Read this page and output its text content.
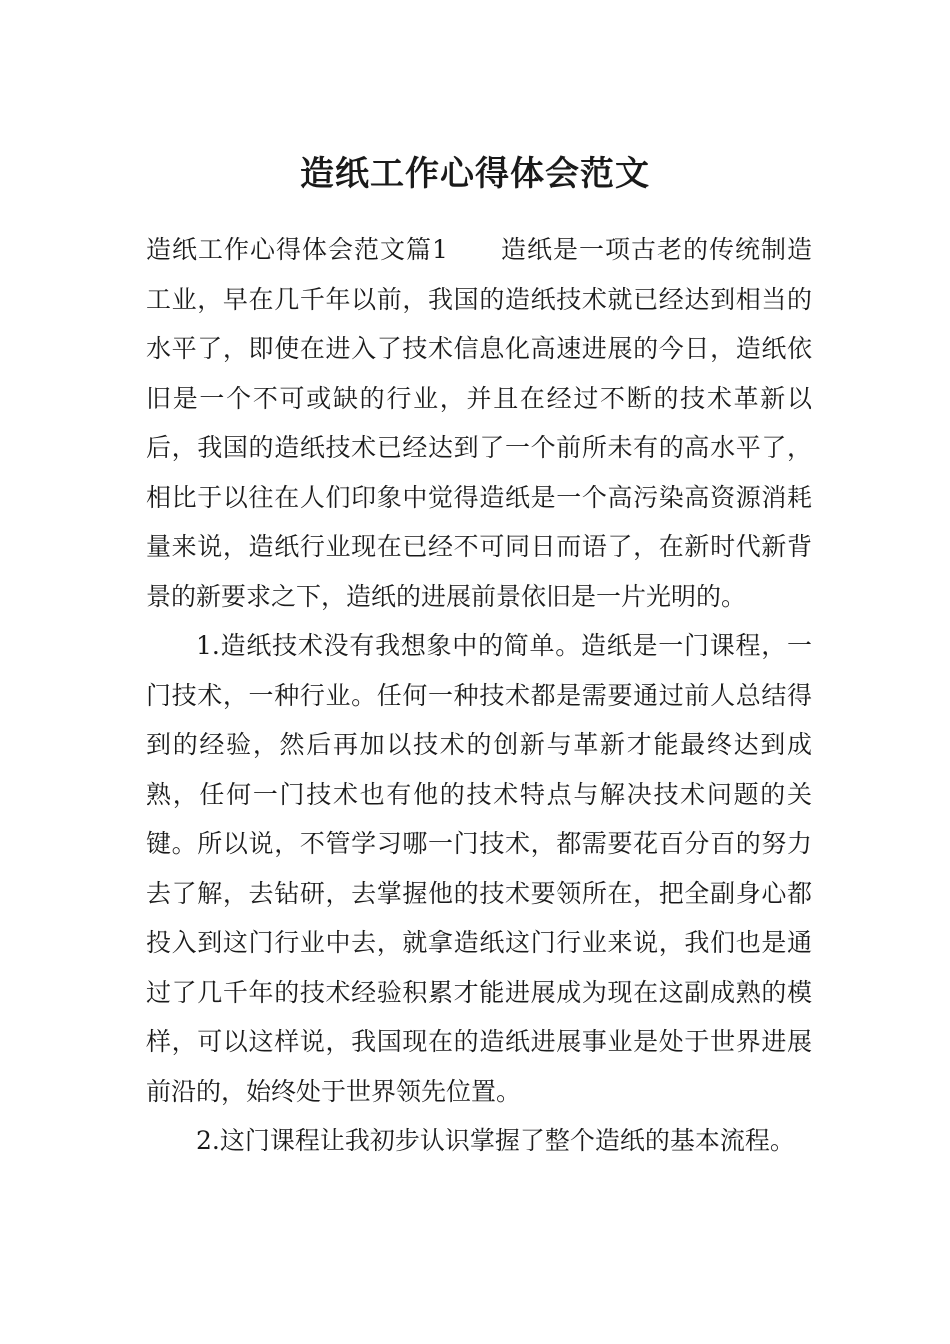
造纸工作心得体会范文

造纸工作心得体会范文篇1 造纸是一项古老的传统制造工业，早在几千年以前，我国的造纸技术就已经达到相当的水平了，即使在进入了技术信息化高速进展的今日，造纸依旧是一个不可或缺的行业，并且在经过不断的技术革新以后，我国的造纸技术已经达到了一个前所未有的高水平了，相比于以往在人们印象中觉得造纸是一个高污染高资源消耗量来说，造纸行业现在已经不可同日而语了，在新时代新背景的新要求之下，造纸的进展前景依旧是一片光明的。

1.造纸技术没有我想象中的简单。造纸是一门课程，一门技术，一种行业。任何一种技术都是需要通过前人总结得到的经验，然后再加以技术的创新与革新才能最终达到成熟，任何一门技术也有他的技术特点与解决技术问题的关键。所以说，不管学习哪一门技术，都需要花百分百的努力去了解，去钻研，去掌握他的技术要领所在，把全副身心都投入到这门行业中去，就拿造纸这门行业来说，我们也是通过了几千年的技术经验积累才能进展成为现在这副成熟的模样，可以这样说，我国现在的造纸进展事业是处于世界进展前沿的，始终处于世界领先位置。

2.这门课程让我初步认识掌握了整个造纸的基本流程。
